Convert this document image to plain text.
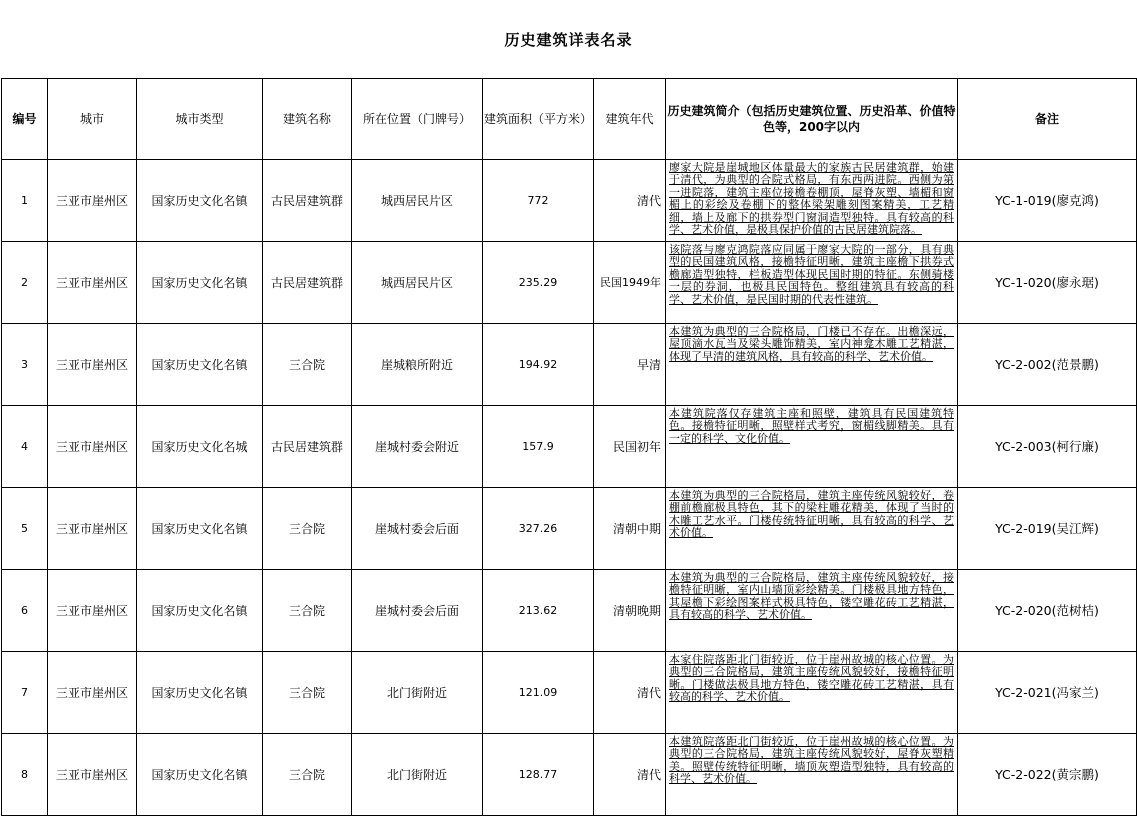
历史建筑详表名录
编号	城市	城市类型	建筑名称	所在位置（门牌号）	建筑面积（平方米）	建筑年代	历史建筑简介（包括历史建筑位置、历史沿革、价值特色等，200字以内	备注
1	三亚市崖州区	国家历史文化名镇	古民居建筑群	城西居民片区	772	清代	廖家大院是崖城地区体量最大的家族古民居建筑群，始建于清代，为典型的合院式格局，有东西两进院。西侧为第一进院落，建筑主座位接檐卷棚顶，屋脊灰塑、墙楣和窗楣上的彩绘及卷棚下的整体梁架雕刻图案精美，工艺精细，墙上及廊下的拱券型门窗洞造型独特。具有较高的科学、艺术价值，是极具保护价值的古民居建筑院落。	YC-1-019(廖克鸿)
2	三亚市崖州区	国家历史文化名镇	古民居建筑群	城西居民片区	235.29	民国1949年	该院落与廖克鸿院落应同属于廖家大院的一部分，具有典型的民国建筑风格，接檐特征明晰，建筑主座檐下拱券式檐廊造型独特，栏板造型体现民国时期的特征。东侧骑楼一层的券洞，也极具民国特色。整组建筑具有较高的科学、艺术价值，是民国时期的代表性建筑。	YC-1-020(廖永琚)
3	三亚市崖州区	国家历史文化名镇	三合院	崖城粮所附近	194.92	早清	本建筑为典型的三合院格局，门楼已不存在。出檐深远，屋顶滴水瓦当及梁头雕饰精美，室内神龛木雕工艺精湛，体现了早清的建筑风格，具有较高的科学、艺术价值。	YC-2-002(范景鹏)
4	三亚市崖州区	国家历史文化名城	古民居建筑群	崖城村委会附近	157.9	民国初年	本建筑院落仅存建筑主座和照壁，建筑具有民国建筑特色。接檐特征明晰，照壁样式考究，窗楣线脚精美。具有一定的科学、文化价值。	YC-2-003(柯行廉)
5	三亚市崖州区	国家历史文化名镇	三合院	崖城村委会后面	327.26	清朝中期	本建筑为典型的三合院格局，建筑主座传统风貌较好，卷棚前檐廊极具特色，其下的梁柱雕花精美，体现了当时的木雕工艺水平。门楼传统特征明晰，具有较高的科学、艺术价值。	YC-2-019(吴江辉)
6	三亚市崖州区	国家历史文化名镇	三合院	崖城村委会后面	213.62	清朝晚期	本建筑为典型的三合院格局，建筑主座传统风貌较好，接檐特征明晰，室内山墙顶彩绘精美。门楼极具地方特色，其屋檐下彩绘图案样式极具特色，镂空雕花砖工艺精湛，具有较高的科学、艺术价值。	YC-2-020(范树桔)
7	三亚市崖州区	国家历史文化名镇	三合院	北门街附近	121.09	清代	本家住院落距北门街较近，位于崖州故城的核心位置。为典型的三合院格局，建筑主座传统风貌较好，接檐特征明晰。门楼做法极具地方特色，镂空雕花砖工艺精湛，具有较高的科学、艺术价值。	YC-2-021(冯家兰)
8	三亚市崖州区	国家历史文化名镇	三合院	北门街附近	128.77	清代	本建筑院落距北门街较近，位于崖州故城的核心位置。为典型的三合院格局，建筑主座传统风貌较好，屋脊灰塑精美。照壁传统特征明晰，墙顶灰塑造型独特，具有较高的科学、艺术价值。	YC-2-022(黄宗鹏)
